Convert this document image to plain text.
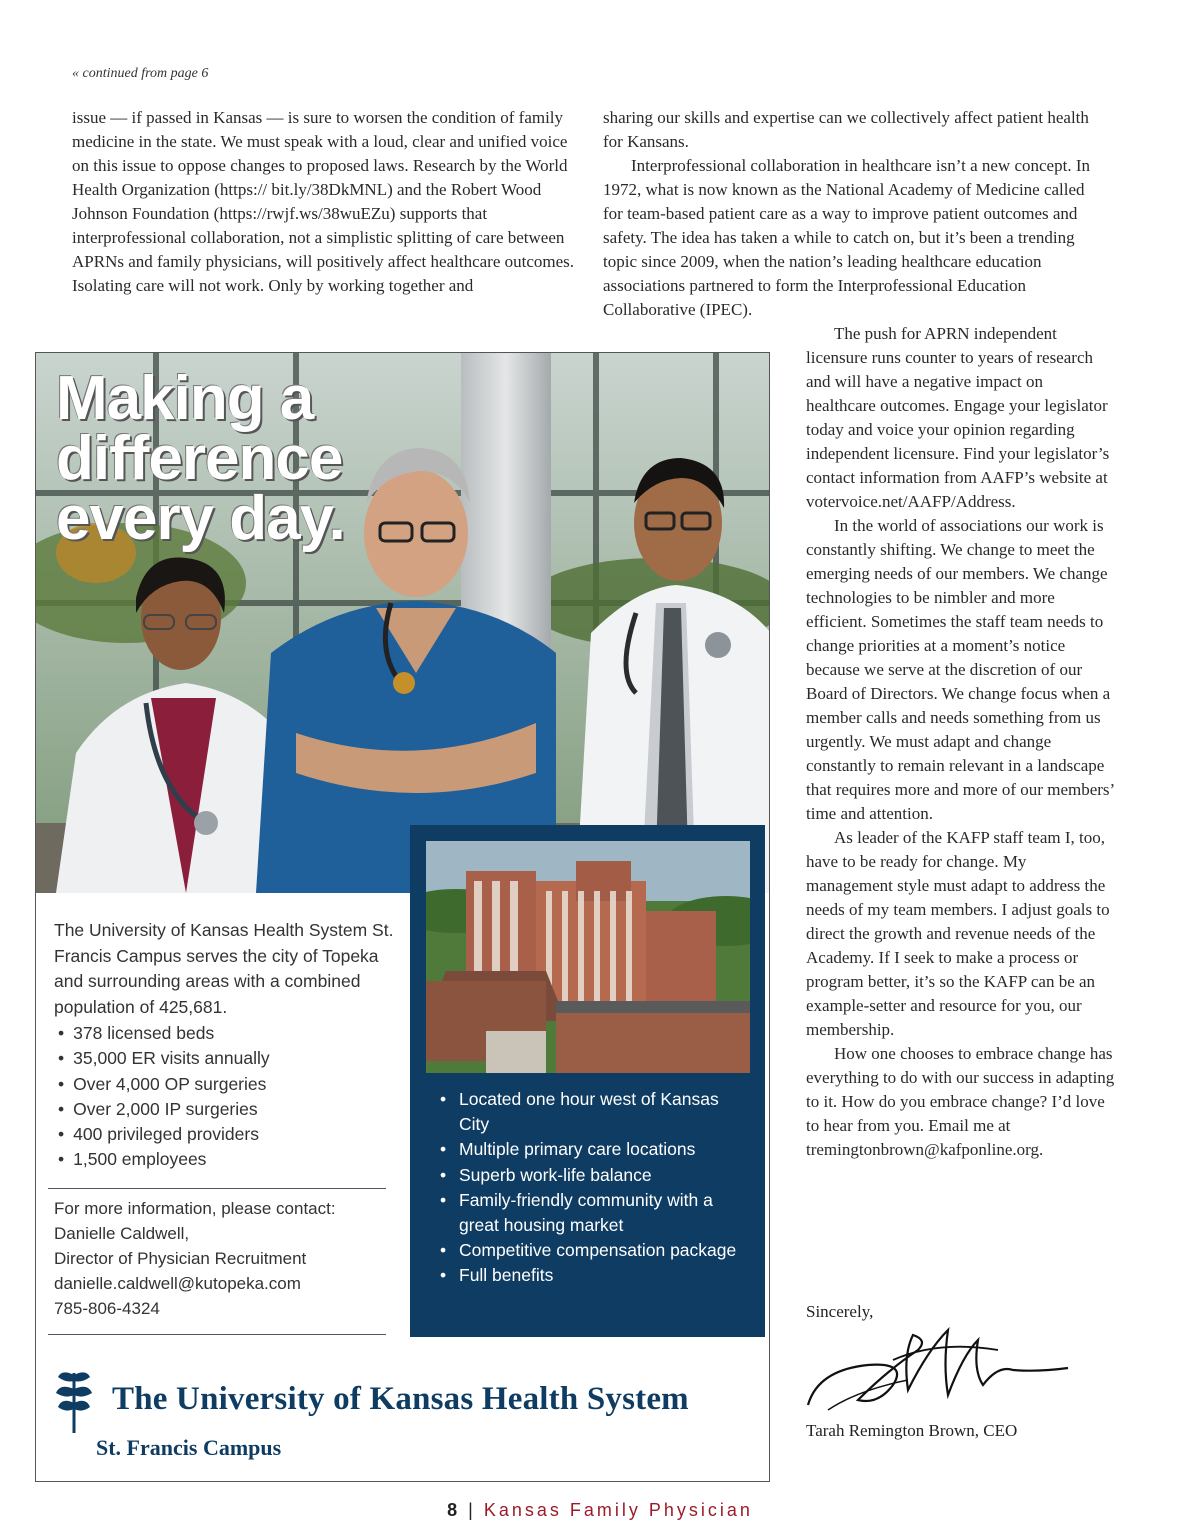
« continued from page 6

issue — if passed in Kansas — is sure to worsen the condition of family medicine in the state. We must speak with a loud, clear and unified voice on this issue to oppose changes to proposed laws. Research by the World Health Organization (https:// bit.ly/38DkMNL) and the Robert Wood Johnson Foundation (https://rwjf.ws/38wuEZu) supports that interprofessional collaboration, not a simplistic splitting of care between APRNs and family physicians, will positively affect healthcare outcomes. Isolating care will not work. Only by working together and

sharing our skills and expertise can we collectively affect patient health for Kansans.

Interprofessional collaboration in healthcare isn’t a new concept. In 1972, what is now known as the National Academy of Medicine called for team-based patient care as a way to improve patient outcomes and safety. The idea has taken a while to catch on, but it’s been a trending topic since 2009, when the nation’s leading healthcare education associations partnered to form the Interprofessional Education Collaborative (IPEC).

The push for APRN independent licensure runs counter to years of research and will have a negative impact on healthcare outcomes. Engage your legislator today and voice your opinion regarding independent licensure. Find your legislator’s contact information from AAFP’s website at votervoice.net/AAFP/Address.

In the world of associations our work is constantly shifting. We change to meet the emerging needs of our members. We change technologies to be nimbler and more efficient. Sometimes the staff team needs to change priorities at a moment’s notice because we serve at the discretion of our Board of Directors. We change focus when a member calls and needs something from us urgently. We must adapt and change constantly to remain relevant in a landscape that requires more and more of our members’ time and attention.

As leader of the KAFP staff team I, too, have to be ready for change. My management style must adapt to address the needs of my team members. I adjust goals to direct the growth and revenue needs of the Academy. If I seek to make a process or program better, it’s so the KAFP can be an example-setter and resource for you, our membership.

How one chooses to embrace change has everything to do with our success in adapting to it. How do you embrace change? I’d love to hear from you. Email me at tremingtonbrown@kafponline.org.

Making a difference every day.
The University of Kansas Health System St. Francis Campus serves the city of Topeka and surrounding areas with a combined population of 425,681.
• 378 licensed beds
• 35,000 ER visits annually
• Over 4,000 OP surgeries
• Over 2,000 IP surgeries
• 400 privileged providers
• 1,500 employees
For more information, please contact:
Danielle Caldwell,
Director of Physician Recruitment
danielle.caldwell@kutopeka.com
785-806-4324
• Located one hour west of Kansas City
• Multiple primary care locations
• Superb work-life balance
• Family-friendly community with a great housing market
• Competitive compensation package
• Full benefits
The University of Kansas Health System
St. Francis Campus
Sincerely,
Tarah Remington Brown, CEO
8 | Kansas Family Physician
